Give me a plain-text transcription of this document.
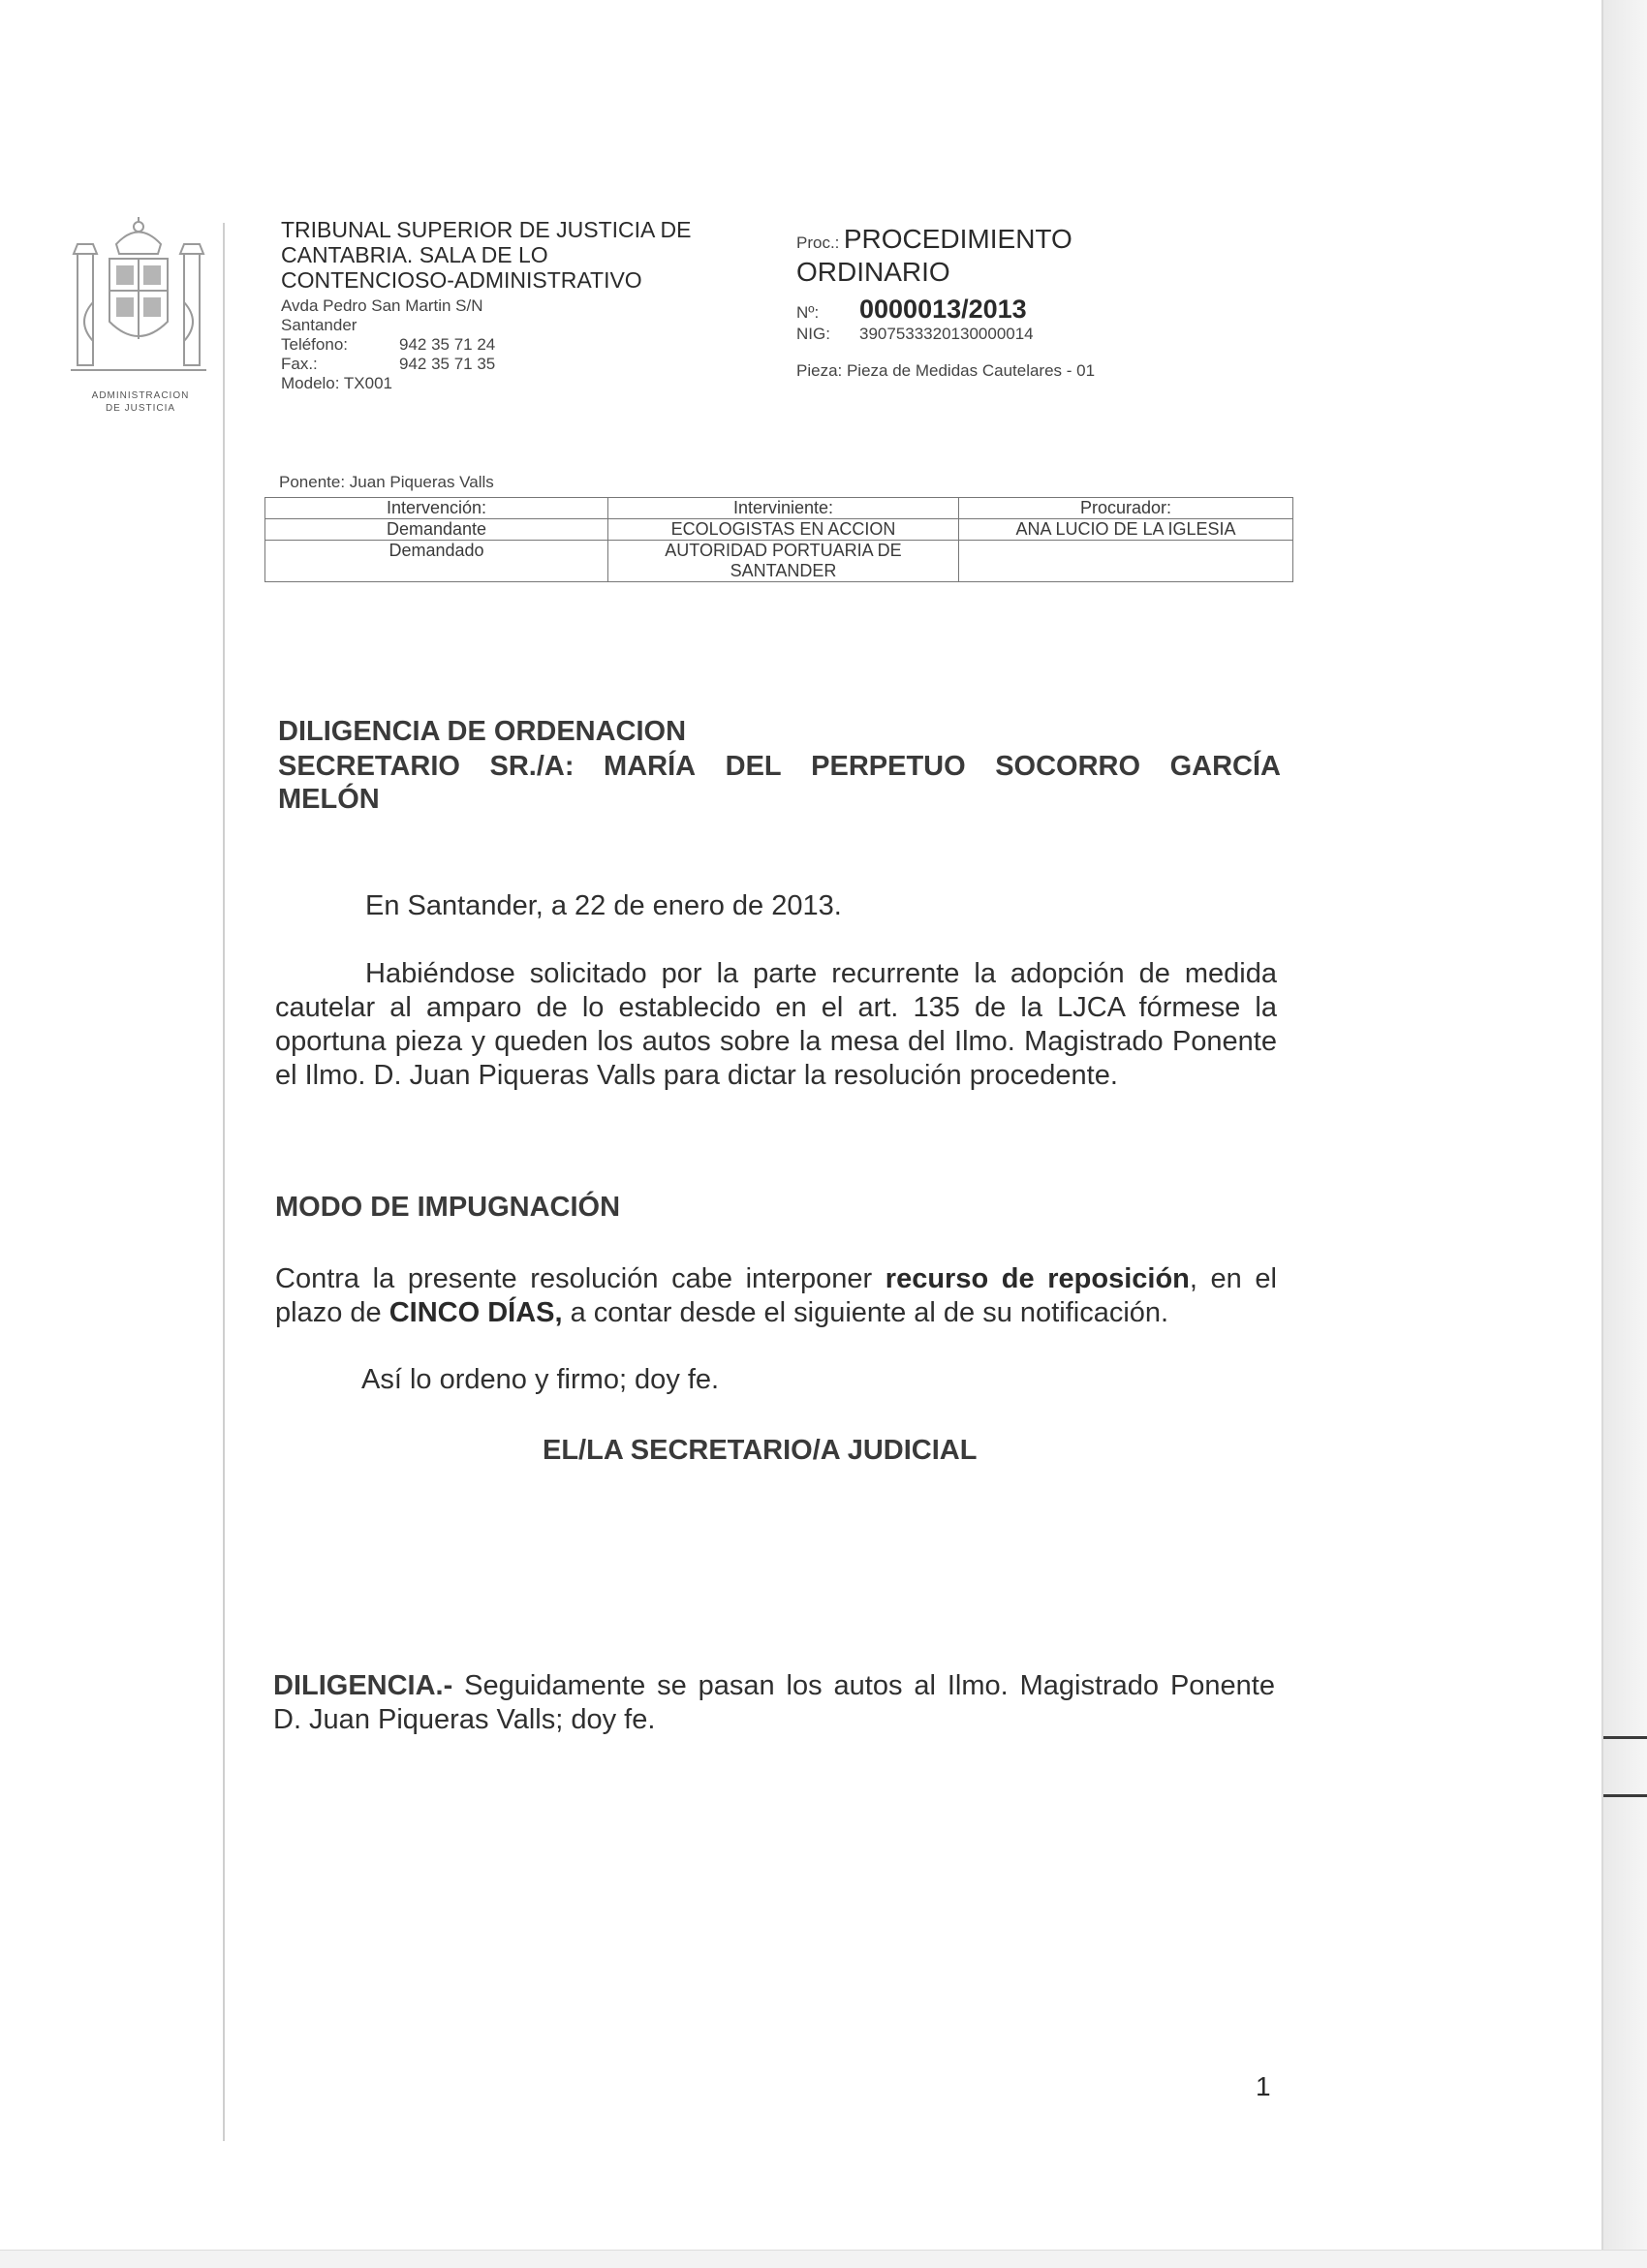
ADMINISTRACION
DE JUSTICIA
TRIBUNAL SUPERIOR DE JUSTICIA DE
CANTABRIA. SALA DE LO
CONTENCIOSO-ADMINISTRATIVO
Avda Pedro San Martin S/N
Santander
Teléfono:	942 35 71 24
Fax.:	942 35 71 35
Modelo: TX001
Proc.: PROCEDIMIENTO
ORDINARIO
Nº: 0000013/2013
NIG: 3907533320130000014
Pieza: Pieza de Medidas Cautelares - 01
Ponente: Juan Piqueras Valls
Intervención:	Interviniente:	Procurador:
Demandante	ECOLOGISTAS EN ACCION	ANA LUCIO DE LA IGLESIA
Demandado	AUTORIDAD PORTUARIA DE SANTANDER	
DILIGENCIA DE ORDENACION
SECRETARIO SR./A: MARÍA DEL PERPETUO SOCORRO GARCÍA
MELÓN
En Santander, a 22 de enero de 2013.
Habiéndose solicitado por la parte recurrente la adopción de medida cautelar al amparo de lo establecido en el art. 135 de la LJCA fórmese la oportuna pieza y queden los autos sobre la mesa del Ilmo. Magistrado Ponente el Ilmo. D. Juan Piqueras Valls para dictar la resolución procedente.
MODO DE IMPUGNACIÓN
Contra la presente resolución cabe interponer recurso de reposición, en el plazo de CINCO DÍAS, a contar desde el siguiente al de su notificación.
Así lo ordeno y firmo; doy fe.
EL/LA SECRETARIO/A JUDICIAL
DILIGENCIA.- Seguidamente se pasan los autos al Ilmo. Magistrado Ponente D. Juan Piqueras Valls; doy fe.
1
